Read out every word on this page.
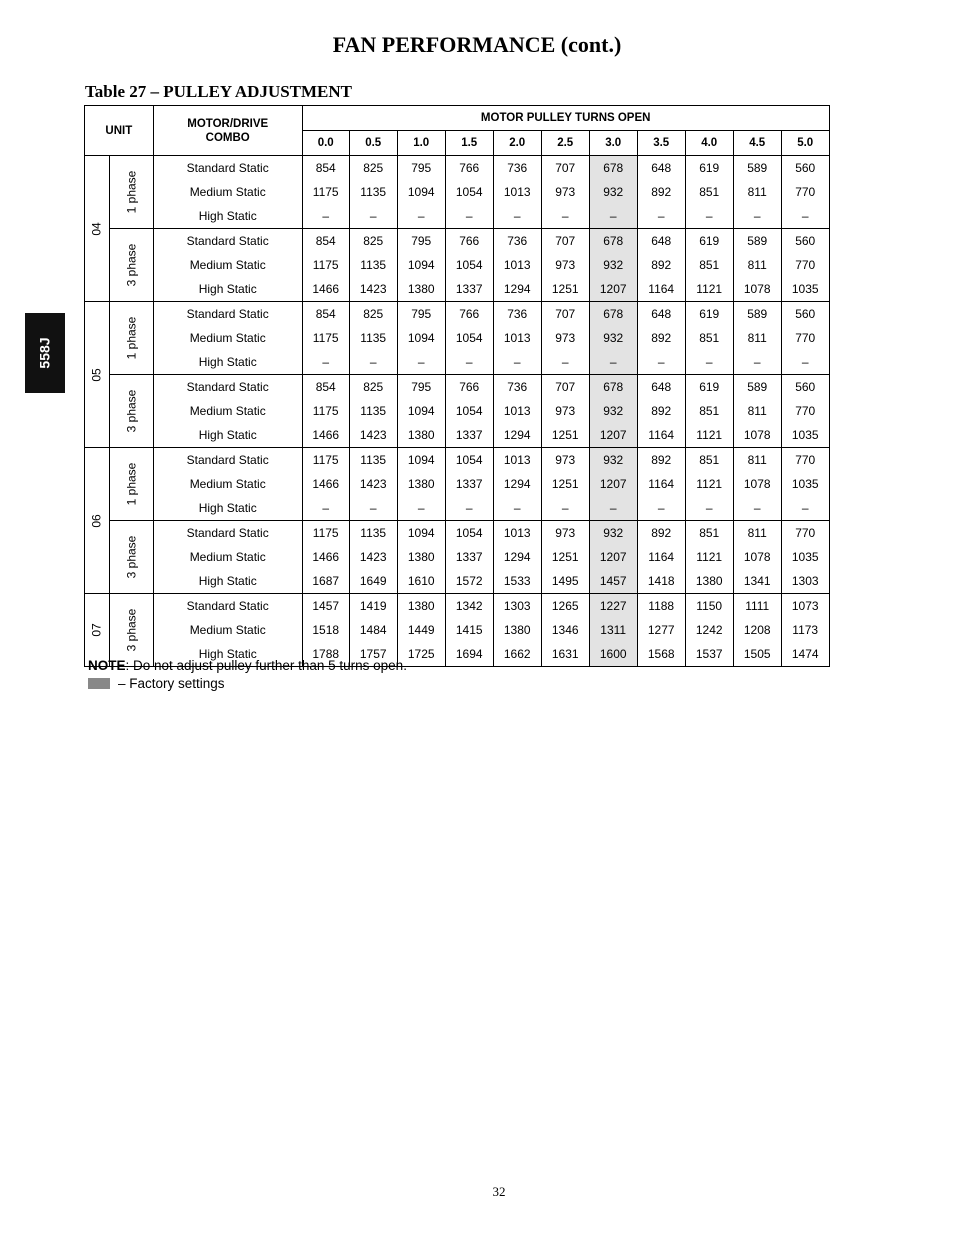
FAN PERFORMANCE (cont.)
558J
Table 27 – PULLEY ADJUSTMENT
UNIT		MOTOR/DRIVE
COMBO	MOTOR PULLEY TURNS OPEN										
			0.0	0.5	1.0	1.5	2.0	2.5	3.0	3.5	4.0	4.5	5.0
04	1 phase	Standard Static	854	825	795	766	736	707	678	648	619	589	560
		Medium Static	1175	1135	1094	1054	1013	973	932	892	851	811	770
		High Static	–	–	–	–	–	–	–	–	–	–	–
	3 phase	Standard Static	854	825	795	766	736	707	678	648	619	589	560
		Medium Static	1175	1135	1094	1054	1013	973	932	892	851	811	770
		High Static	1466	1423	1380	1337	1294	1251	1207	1164	1121	1078	1035
05	1 phase	Standard Static	854	825	795	766	736	707	678	648	619	589	560
		Medium Static	1175	1135	1094	1054	1013	973	932	892	851	811	770
		High Static	–	–	–	–	–	–	–	–	–	–	–
	3 phase	Standard Static	854	825	795	766	736	707	678	648	619	589	560
		Medium Static	1175	1135	1094	1054	1013	973	932	892	851	811	770
		High Static	1466	1423	1380	1337	1294	1251	1207	1164	1121	1078	1035
06	1 phase	Standard Static	1175	1135	1094	1054	1013	973	932	892	851	811	770
		Medium Static	1466	1423	1380	1337	1294	1251	1207	1164	1121	1078	1035
		High Static	–	–	–	–	–	–	–	–	–	–	–
	3 phase	Standard Static	1175	1135	1094	1054	1013	973	932	892	851	811	770
		Medium Static	1466	1423	1380	1337	1294	1251	1207	1164	1121	1078	1035
		High Static	1687	1649	1610	1572	1533	1495	1457	1418	1380	1341	1303
07	3 phase	Standard Static	1457	1419	1380	1342	1303	1265	1227	1188	1150	1111	1073
		Medium Static	1518	1484	1449	1415	1380	1346	1311	1277	1242	1208	1173
		High Static	1788	1757	1725	1694	1662	1631	1600	1568	1537	1505	1474
NOTE: Do not adjust pulley further than 5 turns open.
– Factory settings
32
